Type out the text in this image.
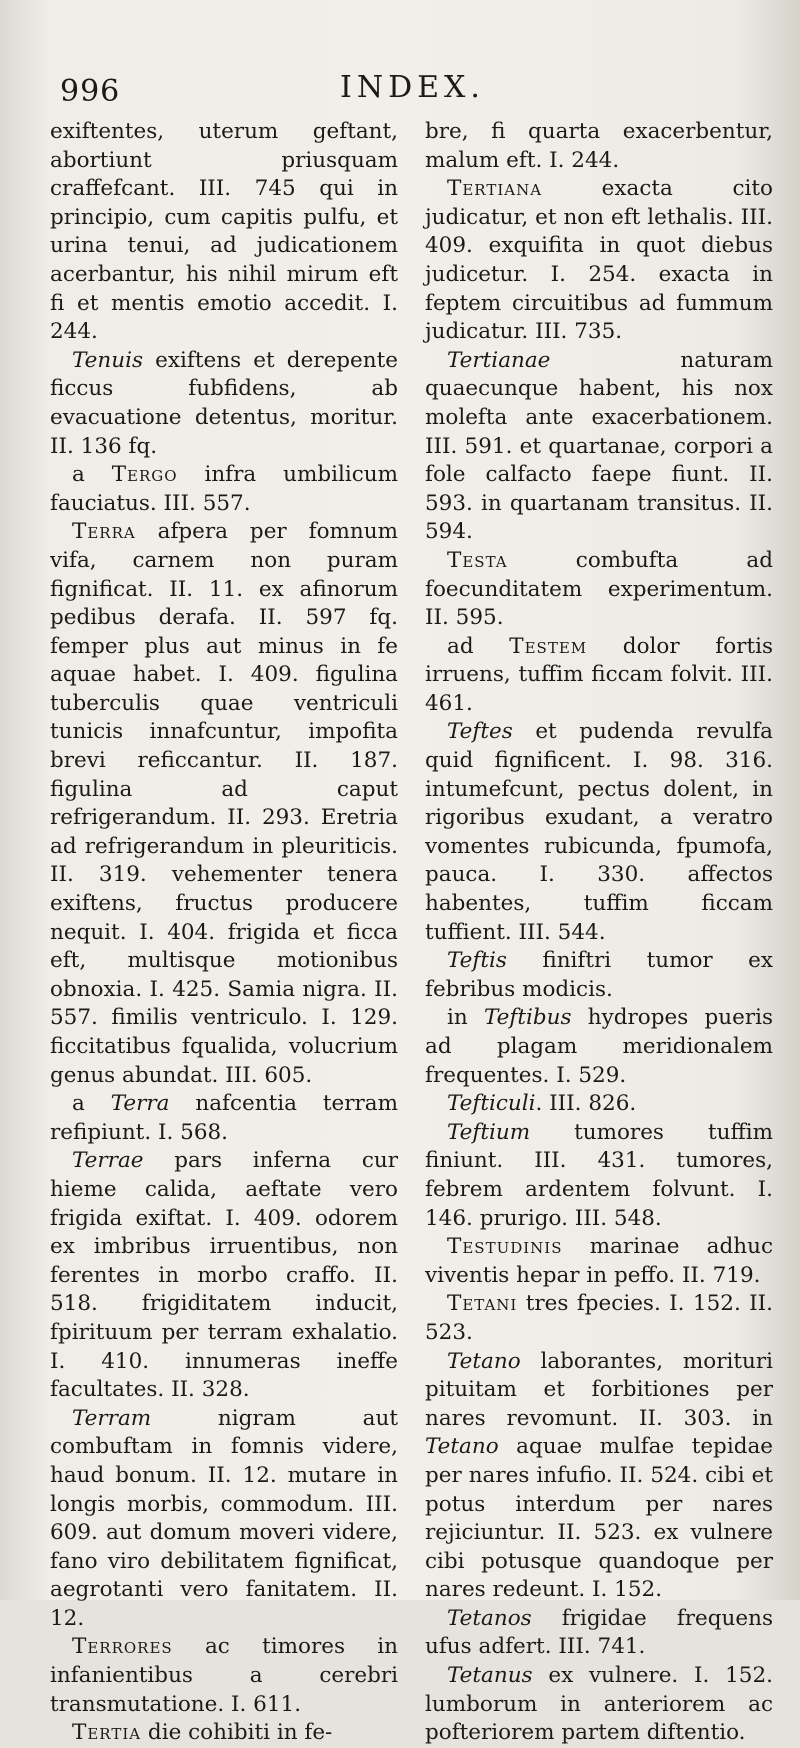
996	INDEX.

exiftentes, uterum geftant, abortiunt priusquam craffefcant. III. 745 qui in principio, cum capitis pulfu, et urina tenui, ad judicationem acerbantur, his nihil mirum eft fi et mentis emotio accedit. I. 244.

Tenuis exiftens et derepente ficcus fubfidens, ab evacuatione detentus, moritur. II. 136 fq.

a Tergo infra umbilicum fauciatus. III. 557.

Terra afpera per fomnum vifa, carnem non puram fignificat. II. 11. ex afinorum pedibus derafa. II. 597 fq. femper plus aut minus in fe aquae habet. I. 409. figulina tuberculis quae ventriculi tunicis innafcuntur, impofita brevi reficcantur. II. 187. figulina ad caput refrigerandum. II. 293. Eretria ad refrigerandum in pleuriticis. II. 319. vehementer tenera exiftens, fructus producere nequit. I. 404. frigida et ficca eft, multisque motionibus obnoxia. I. 425. Samia nigra. II. 557. fimilis ventriculo. I. 129. ficcitatibus fqualida, volucrium genus abundat. III. 605.

a Terra nafcentia terram refipiunt. I. 568.

Terrae pars inferna cur hieme calida, aeftate vero frigida exiftat. I. 409. odorem ex imbribus irruentibus, non ferentes in morbo craffo. II. 518. frigiditatem inducit, fpirituum per terram exhalatio. I. 410. innumeras ineffe facultates. II. 328.

Terram nigram aut combuftam in fomnis videre, haud bonum. II. 12. mutare in longis morbis, commodum. III. 609. aut domum moveri videre, fano viro debilitatem fignificat, aegrotanti vero fanitatem. II. 12.

Terrores ac timores in infanientibus a cerebri transmutatione. I. 611.

Tertia die cohibiti in fe-

bre, fi quarta exacerbentur, malum eft. I. 244.

Tertiana exacta cito judicatur, et non eft lethalis. III. 409. exquifita in quot diebus judicetur. I. 254. exacta in feptem circuitibus ad fummum judicatur. III. 735.

Tertianae naturam quaecunque habent, his nox molefta ante exacerbationem. III. 591. et quartanae, corpori a fole calfacto faepe fiunt. II. 593. in quartanam transitus. II. 594.

Testa combufta ad foecunditatem experimentum. II. 595.

ad Testem dolor fortis irruens, tuffim ficcam folvit. III. 461.

Teftes et pudenda revulfa quid fignificent. I. 98. 316. intumefcunt, pectus dolent, in rigoribus exudant, a veratro vomentes rubicunda, fpumofa, pauca. I. 330. affectos habentes, tuffim ficcam tuffient. III. 544.

Teftis finiftri tumor ex febribus modicis.

in Teftibus hydropes pueris ad plagam meridionalem frequentes. I. 529.

Tefticuli. III. 826.

Teftium tumores tuffim finiunt. III. 431. tumores, febrem ardentem folvunt. I. 146. prurigo. III. 548.

Testudinis marinae adhuc viventis hepar in peffo. II. 719.

Tetani tres fpecies. I. 152. II. 523.

Tetano laborantes, morituri pituitam et forbitiones per nares revomunt. II. 303. in Tetano aquae mulfae tepidae per nares infufio. II. 524. cibi et potus interdum per nares rejiciuntur. II. 523. ex vulnere cibi potusque quandoque per nares redeunt. I. 152.

Tetanos frigidae frequens ufus adfert. III. 741.

Tetanus ex vulnere. I. 152. lumborum in anteriorem ac pofteriorem partem diftentio.
